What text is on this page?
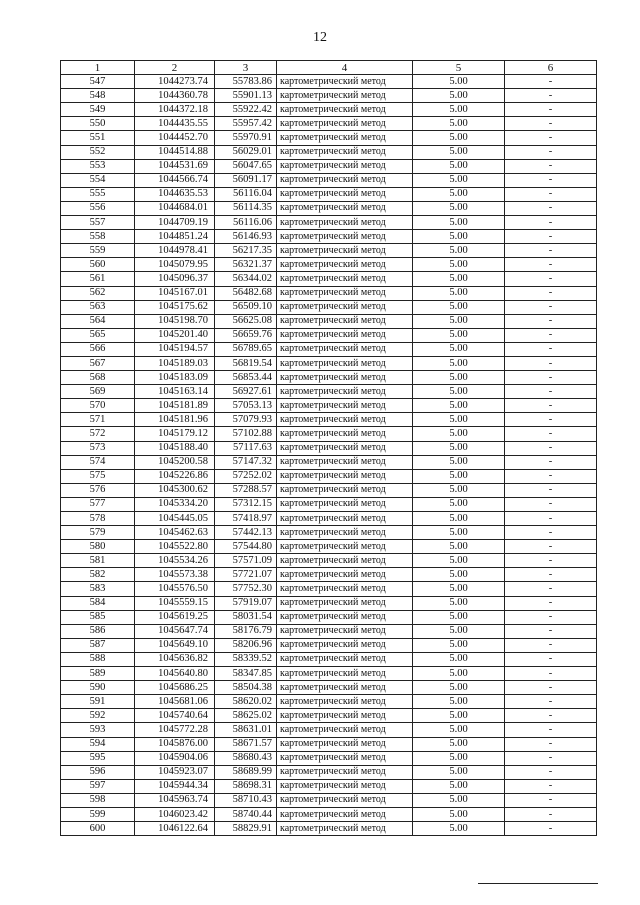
12
1	2	3	4	5	6
547	1044273.74	55783.86	картометрический метод	5.00	-
548	1044360.78	55901.13	картометрический метод	5.00	-
549	1044372.18	55922.42	картометрический метод	5.00	-
550	1044435.55	55957.42	картометрический метод	5.00	-
551	1044452.70	55970.91	картометрический метод	5.00	-
552	1044514.88	56029.01	картометрический метод	5.00	-
553	1044531.69	56047.65	картометрический метод	5.00	-
554	1044566.74	56091.17	картометрический метод	5.00	-
555	1044635.53	56116.04	картометрический метод	5.00	-
556	1044684.01	56114.35	картометрический метод	5.00	-
557	1044709.19	56116.06	картометрический метод	5.00	-
558	1044851.24	56146.93	картометрический метод	5.00	-
559	1044978.41	56217.35	картометрический метод	5.00	-
560	1045079.95	56321.37	картометрический метод	5.00	-
561	1045096.37	56344.02	картометрический метод	5.00	-
562	1045167.01	56482.68	картометрический метод	5.00	-
563	1045175.62	56509.10	картометрический метод	5.00	-
564	1045198.70	56625.08	картометрический метод	5.00	-
565	1045201.40	56659.76	картометрический метод	5.00	-
566	1045194.57	56789.65	картометрический метод	5.00	-
567	1045189.03	56819.54	картометрический метод	5.00	-
568	1045183.09	56853.44	картометрический метод	5.00	-
569	1045163.14	56927.61	картометрический метод	5.00	-
570	1045181.89	57053.13	картометрический метод	5.00	-
571	1045181.96	57079.93	картометрический метод	5.00	-
572	1045179.12	57102.88	картометрический метод	5.00	-
573	1045188.40	57117.63	картометрический метод	5.00	-
574	1045200.58	57147.32	картометрический метод	5.00	-
575	1045226.86	57252.02	картометрический метод	5.00	-
576	1045300.62	57288.57	картометрический метод	5.00	-
577	1045334.20	57312.15	картометрический метод	5.00	-
578	1045445.05	57418.97	картометрический метод	5.00	-
579	1045462.63	57442.13	картометрический метод	5.00	-
580	1045522.80	57544.80	картометрический метод	5.00	-
581	1045534.26	57571.09	картометрический метод	5.00	-
582	1045573.38	57721.07	картометрический метод	5.00	-
583	1045576.50	57752.30	картометрический метод	5.00	-
584	1045559.15	57919.07	картометрический метод	5.00	-
585	1045619.25	58031.54	картометрический метод	5.00	-
586	1045647.74	58176.79	картометрический метод	5.00	-
587	1045649.10	58206.96	картометрический метод	5.00	-
588	1045636.82	58339.52	картометрический метод	5.00	-
589	1045640.80	58347.85	картометрический метод	5.00	-
590	1045686.25	58504.38	картометрический метод	5.00	-
591	1045681.06	58620.02	картометрический метод	5.00	-
592	1045740.64	58625.02	картометрический метод	5.00	-
593	1045772.28	58631.01	картометрический метод	5.00	-
594	1045876.00	58671.57	картометрический метод	5.00	-
595	1045904.06	58680.43	картометрический метод	5.00	-
596	1045923.07	58689.99	картометрический метод	5.00	-
597	1045944.34	58698.31	картометрический метод	5.00	-
598	1045963.74	58710.43	картометрический метод	5.00	-
599	1046023.42	58740.44	картометрический метод	5.00	-
600	1046122.64	58829.91	картометрический метод	5.00	-
